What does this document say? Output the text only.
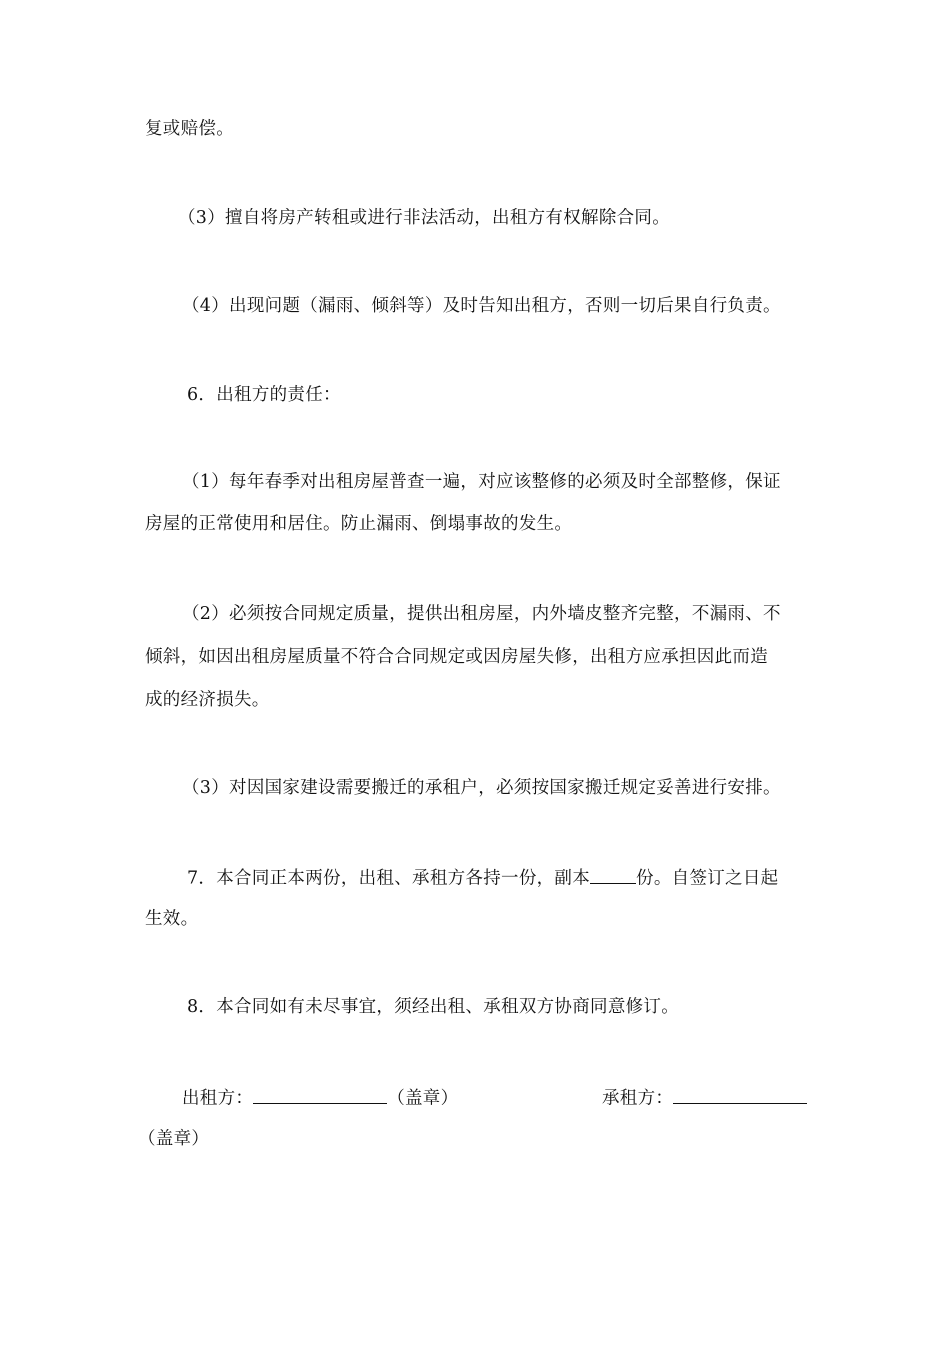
复或赔偿。
（3）擅自将房产转租或进行非法活动，出租方有权解除合同。
（4）出现问题（漏雨、倾斜等）及时告知出租方，否则一切后果自行负责。
6．出租方的责任：
（1）每年春季对出租房屋普查一遍，对应该整修的必须及时全部整修，保证
房屋的正常使用和居住。防止漏雨、倒塌事故的发生。
（2）必须按合同规定质量，提供出租房屋，内外墙皮整齐完整，不漏雨、不
倾斜，如因出租房屋质量不符合合同规定或因房屋失修，出租方应承担因此而造
成的经济损失。
（3）对因国家建设需要搬迁的承租户，必须按国家搬迁规定妥善进行安排。
7．本合同正本两份，出租、承租方各持一份，副本	份。自签订之日起
生效。
8．本合同如有未尽事宜，须经出租、承租双方协商同意修订。
出租方：	（盖章）	承租方：
（盖章）
